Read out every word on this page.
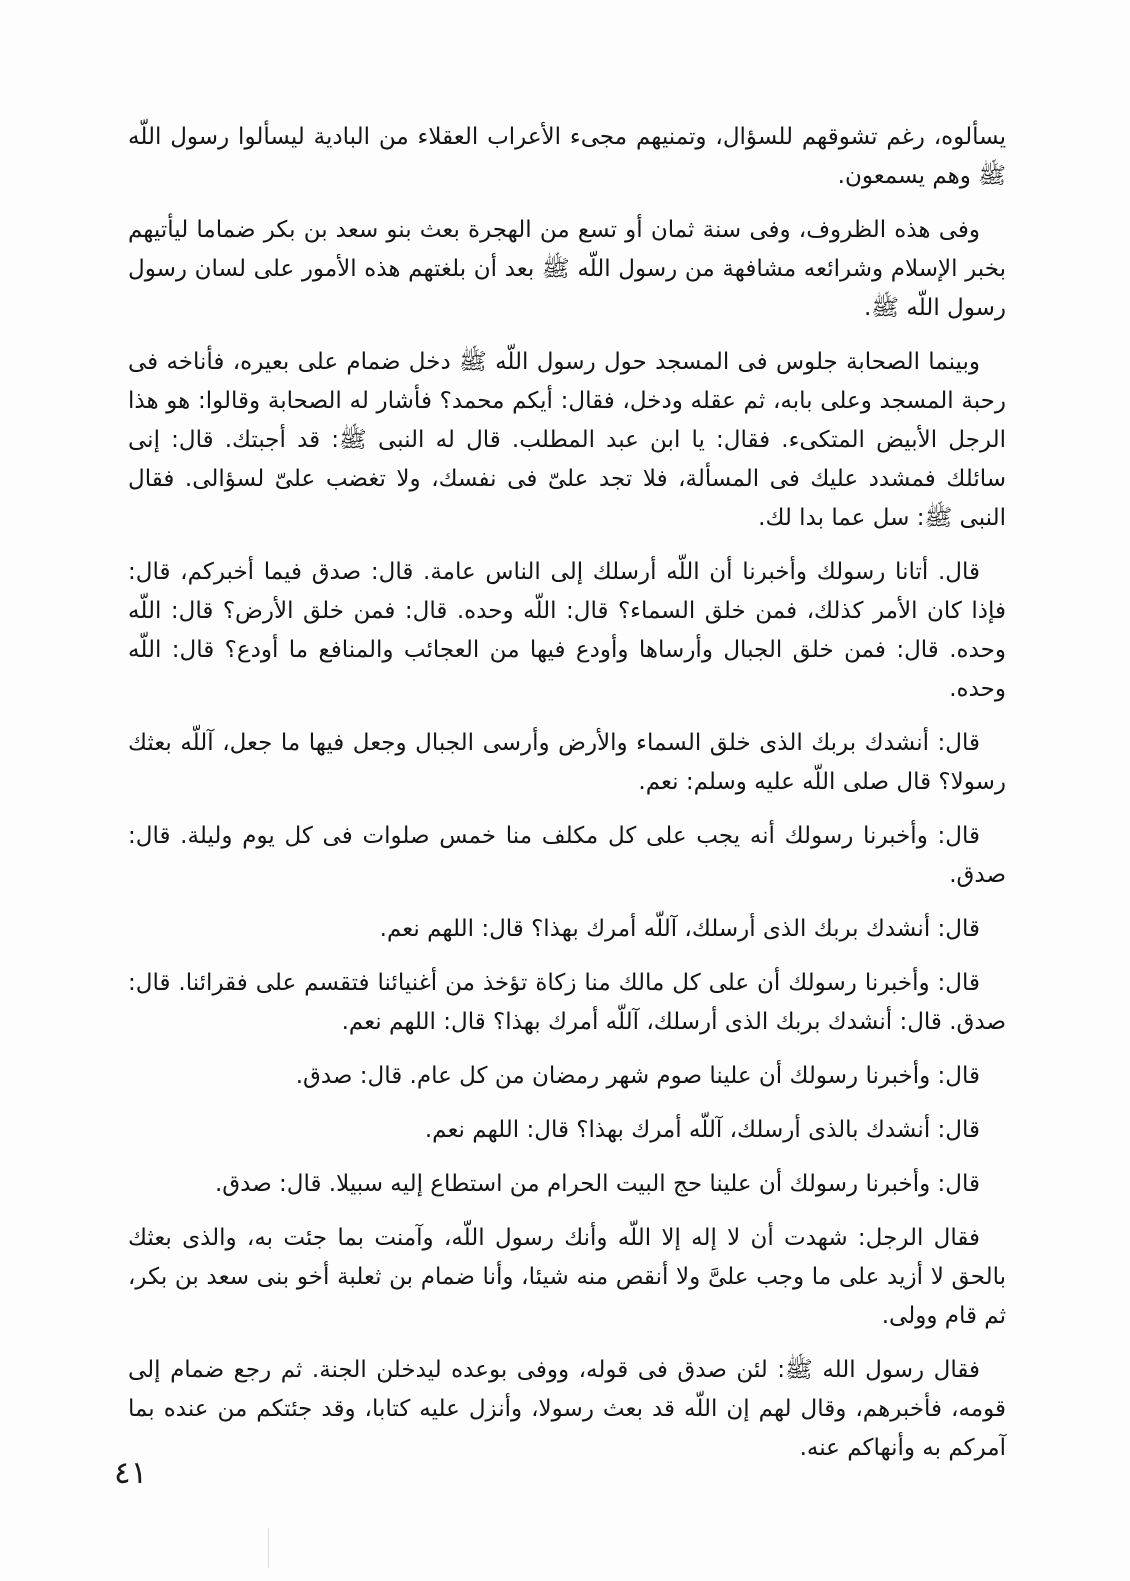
يسألوه، رغم تشوقهم للسؤال، وتمنيهم مجىء الأعراب العقلاء من البادية ليسألوا رسول اللّه ﷺ وهم يسمعون.

وفى هذه الظروف، وفى سنة ثمان أو تسع من الهجرة بعث بنو سعد بن بكر ضماما ليأتيهم بخبر الإسلام وشرائعه مشافهة من رسول اللّه ﷺ بعد أن بلغتهم هذه الأمور على لسان رسول رسول اللّه ﷺ.

وبينما الصحابة جلوس فى المسجد حول رسول اللّه ﷺ دخل ضمام على بعيره، فأناخه فى رحبة المسجد وعلى بابه، ثم عقله ودخل، فقال: أيكم محمد؟ فأشار له الصحابة وقالوا: هو هذا الرجل الأبيض المتكىء. فقال: يا ابن عبد المطلب. قال له النبى ﷺ: قد أجبتك. قال: إنى سائلك فمشدد عليك فى المسألة، فلا تجد علىّ فى نفسك، ولا تغضب علىّ لسؤالى. فقال النبى ﷺ: سل عما بدا لك.

قال. أتانا رسولك وأخبرنا أن اللّه أرسلك إلى الناس عامة. قال: صدق فيما أخبركم، قال: فإذا كان الأمر كذلك، فمن خلق السماء؟ قال: اللّه وحده. قال: فمن خلق الأرض؟ قال: اللّه وحده. قال: فمن خلق الجبال وأرساها وأودع فيها من العجائب والمنافع ما أودع؟ قال: اللّه وحده.

قال: أنشدك بربك الذى خلق السماء والأرض وأرسى الجبال وجعل فيها ما جعل، آللّه بعثك رسولا؟ قال صلى اللّه عليه وسلم: نعم.

قال: وأخبرنا رسولك أنه يجب على كل مكلف منا خمس صلوات فى كل يوم وليلة. قال: صدق.

قال: أنشدك بربك الذى أرسلك، آللّه أمرك بهذا؟ قال: اللهم نعم.

قال: وأخبرنا رسولك أن على كل مالك منا زكاة تؤخذ من أغنيائنا فتقسم على فقرائنا. قال: صدق. قال: أنشدك بربك الذى أرسلك، آللّه أمرك بهذا؟ قال: اللهم نعم.

قال: وأخبرنا رسولك أن علينا صوم شهر رمضان من كل عام. قال: صدق.

قال: أنشدك بالذى أرسلك، آللّه أمرك بهذا؟ قال: اللهم نعم.

قال: وأخبرنا رسولك أن علينا حج البيت الحرام من استطاع إليه سبيلا. قال: صدق.

فقال الرجل: شهدت أن لا إله إلا اللّه وأنك رسول اللّه، وآمنت بما جئت به، والذى بعثك بالحق لا أزيد على ما وجب علىَّ ولا أنقص منه شيئا، وأنا ضمام بن ثعلبة أخو بنى سعد بن بكر، ثم قام وولى.

فقال رسول الله ﷺ: لئن صدق فى قوله، ووفى بوعده ليدخلن الجنة. ثم رجع ضمام إلى قومه، فأخبرهم، وقال لهم إن اللّه قد بعث رسولا، وأنزل عليه كتابا، وقد جئتكم من عنده بما آمركم به وأنهاكم عنه.

٤١
